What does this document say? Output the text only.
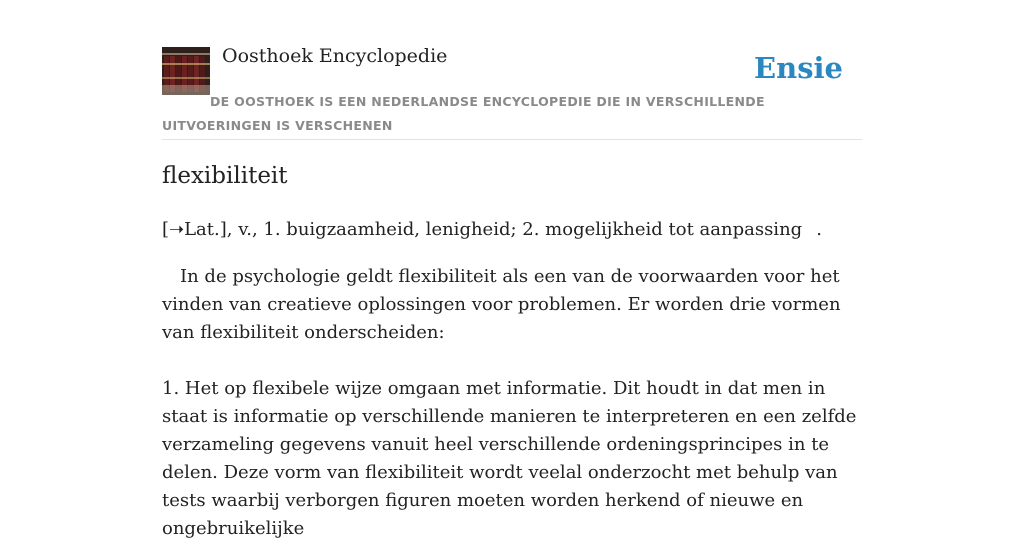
Oosthoek Encyclopedie	Ensie

DE OOSTHOEK IS EEN NEDERLANDSE ENCYCLOPEDIE DIE IN VERSCHILLENDE UITVOERINGEN IS VERSCHENEN

flexibiliteit

[➝Lat.], v., 1. buigzaamheid, lenigheid; 2. mogelijkheid tot aanpassing .

In de psychologie geldt flexibiliteit als een van de voorwaarden voor het vinden van creatieve oplossingen voor problemen. Er worden drie vormen van flexibiliteit onderscheiden:

1. Het op flexibele wijze omgaan met informatie. Dit houdt in dat men in staat is informatie op verschillende manieren te interpreteren en een zelfde verzameling gegevens vanuit heel verschillende ordeningsprincipes in te delen. Deze vorm van flexibiliteit wordt veelal onderzocht met behulp van tests waarbij verborgen figuren moeten worden herkend of nieuwe en ongebruikelijke
